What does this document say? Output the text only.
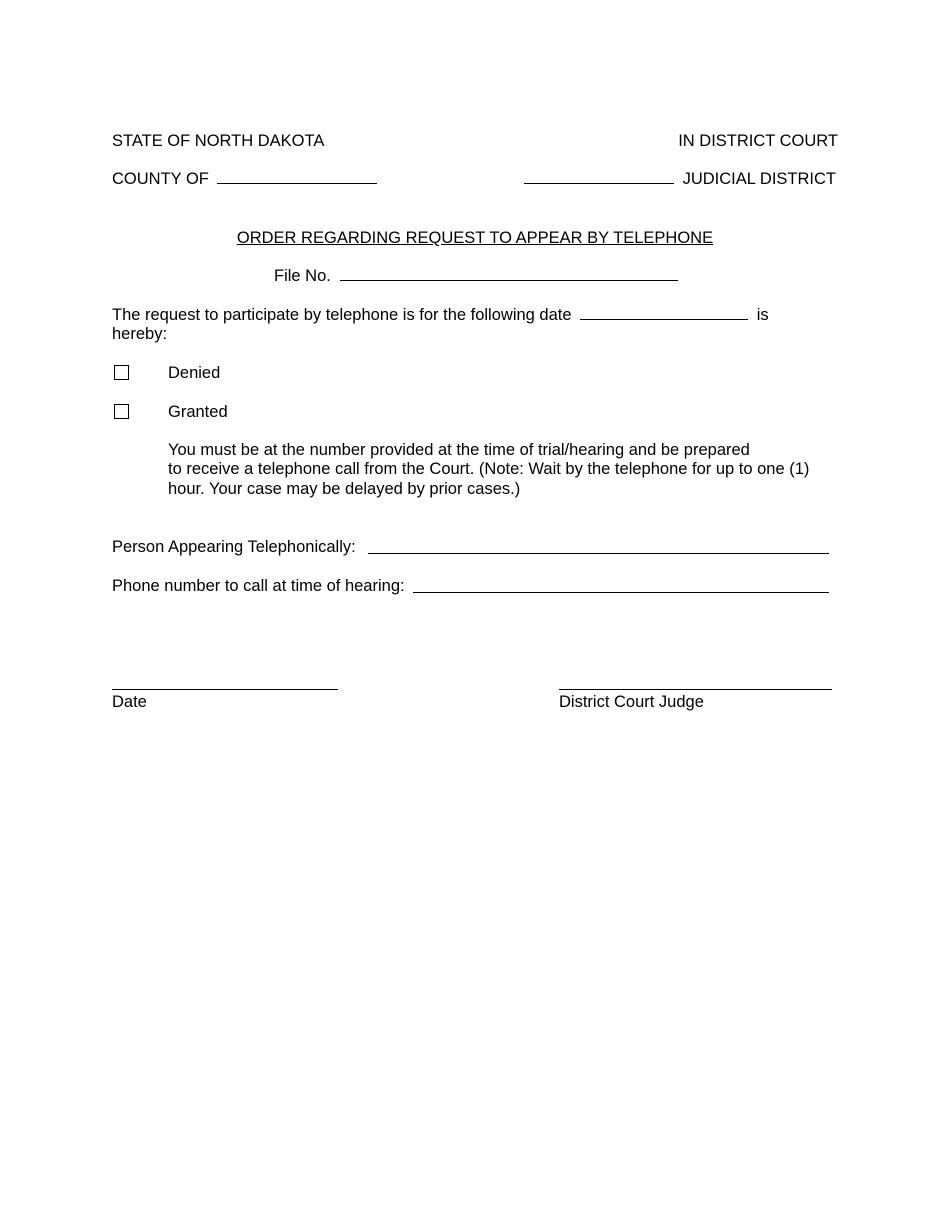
STATE OF NORTH DAKOTA	IN DISTRICT COURT
COUNTY OF	JUDICIAL DISTRICT
ORDER REGARDING REQUEST TO APPEAR BY TELEPHONE
File No.
The request to participate by telephone is for the following date	is
hereby:
Denied
Granted
You must be at the number provided at the time of trial/hearing and be prepared
to receive a telephone call from the Court. (Note: Wait by the telephone for up to one (1)
hour. Your case may be delayed by prior cases.)
Person Appearing Telephonically:
Phone number to call at time of hearing:
Date	District Court Judge
